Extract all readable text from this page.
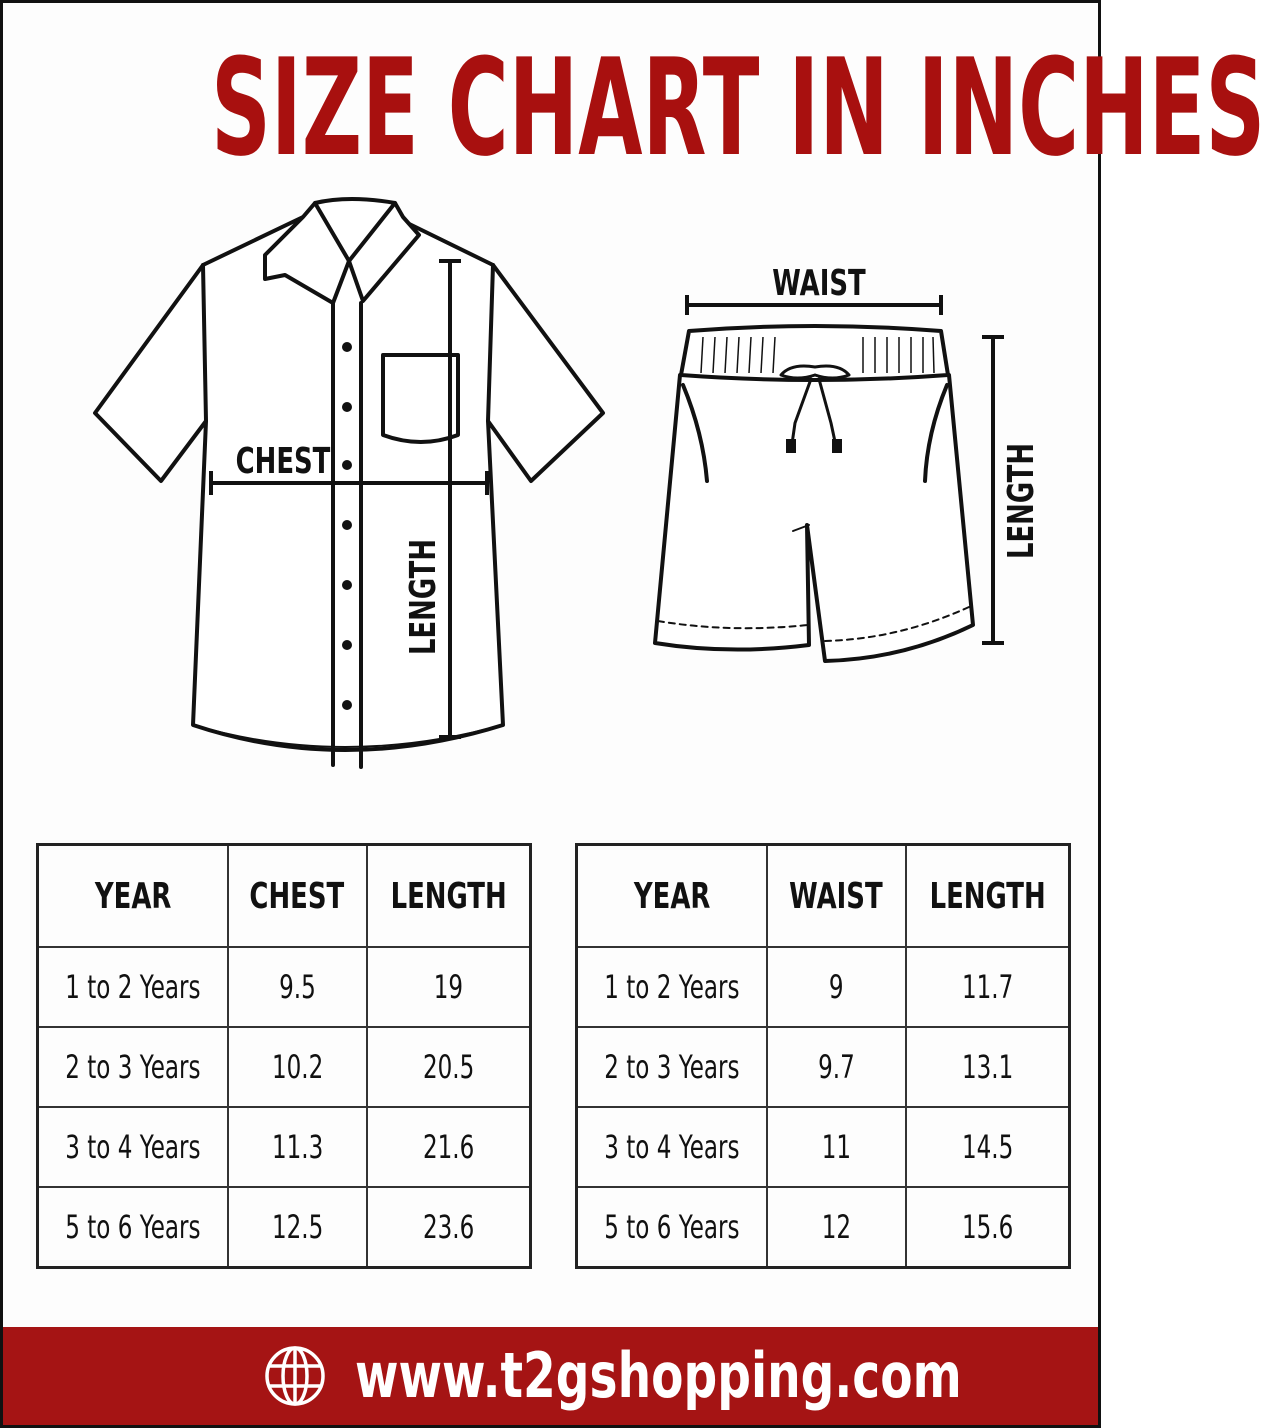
SIZE CHART IN INCHES
CHEST
LENGTH
WAIST
LENGTH
YEAR	CHEST	LENGTH
1 to 2 Years	9.5	19
2 to 3 Years	10.2	20.5
3 to 4 Years	11.3	21.6
5 to 6 Years	12.5	23.6
YEAR	WAIST	LENGTH
1 to 2 Years	9	11.7
2 to 3 Years	9.7	13.1
3 to 4 Years	11	14.5
5 to 6 Years	12	15.6
www.t2gshopping.com
